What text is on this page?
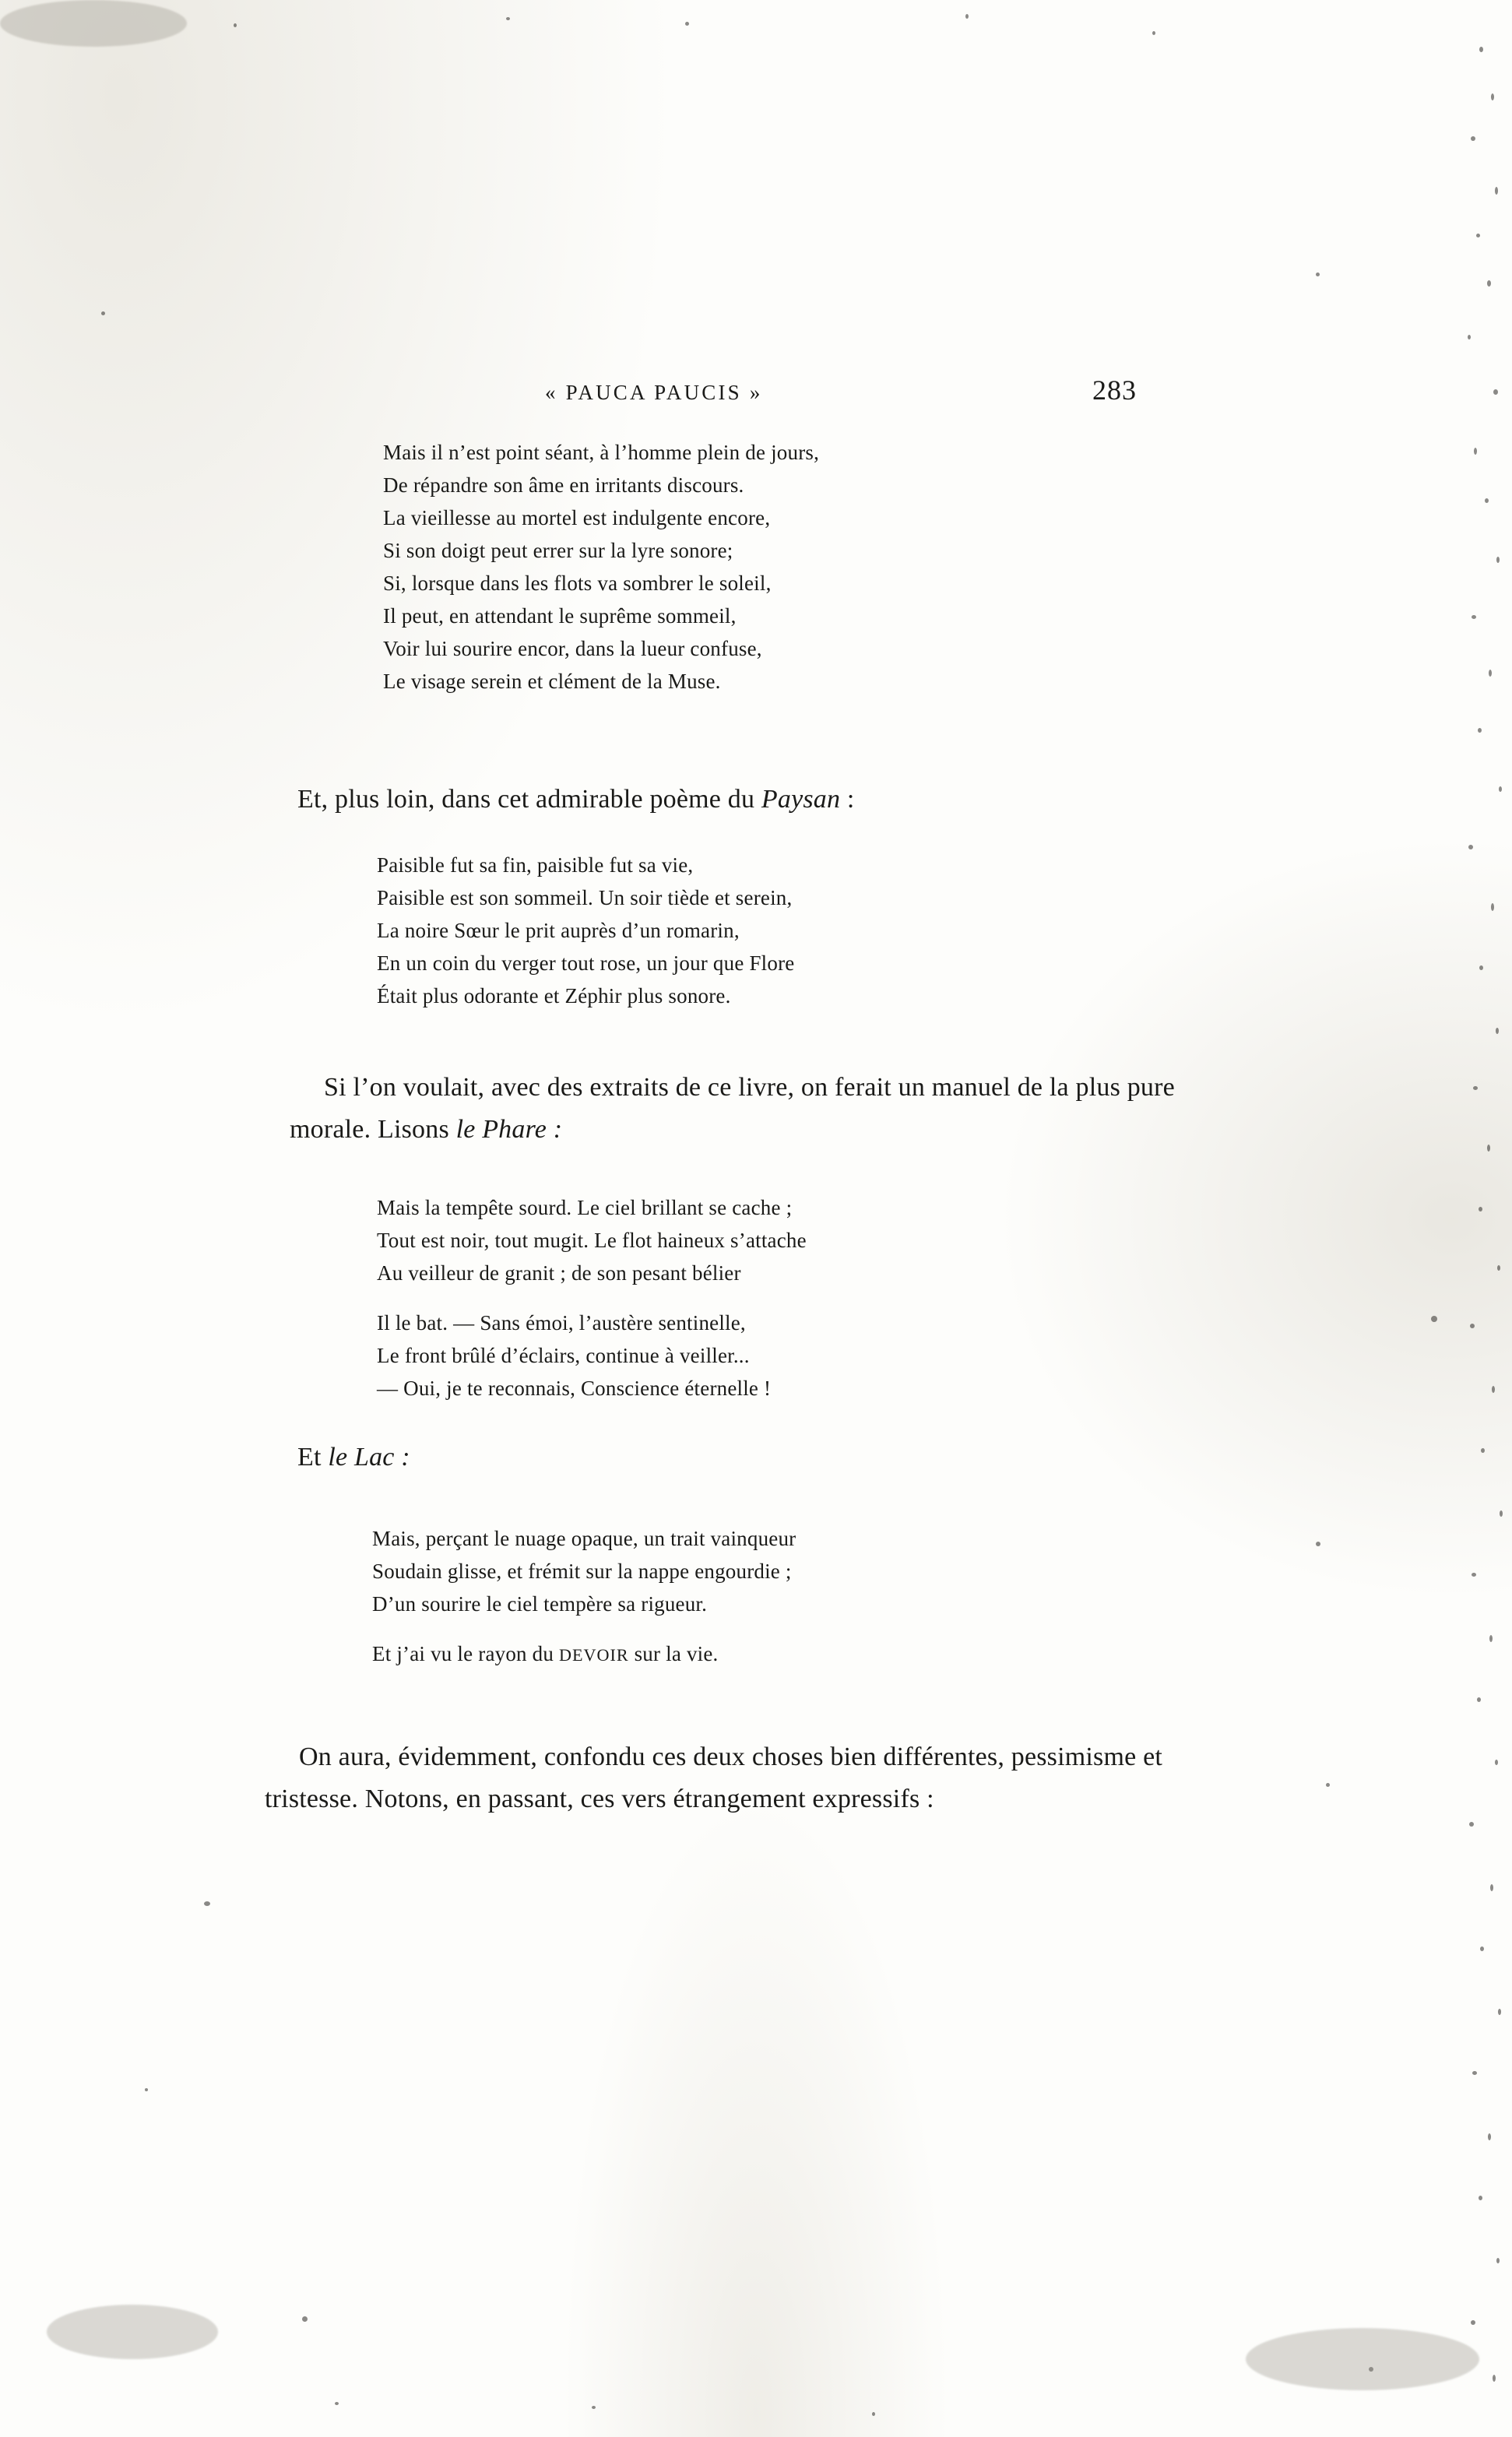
« PAUCA PAUCIS »	283
Mais il n’est point séant, à l’homme plein de jours,
De répandre son âme en irritants discours.
La vieillesse au mortel est indulgente encore,
Si son doigt peut errer sur la lyre sonore;
Si, lorsque dans les flots va sombrer le soleil,
Il peut, en attendant le suprême sommeil,
Voir lui sourire encor, dans la lueur confuse,
Le visage serein et clément de la Muse.
Et, plus loin, dans cet admirable poème du Paysan :
Paisible fut sa fin, paisible fut sa vie,
Paisible est son sommeil. Un soir tiède et serein,
La noire Sœur le prit auprès d’un romarin,
En un coin du verger tout rose, un jour que Flore
Était plus odorante et Zéphir plus sonore.
Si l’on voulait, avec des extraits de ce livre, on ferait un manuel de la plus pure morale. Lisons le Phare :
Mais la tempête sourd. Le ciel brillant se cache ;
Tout est noir, tout mugit. Le flot haineux s’attache
Au veilleur de granit ; de son pesant bélier
Il le bat. — Sans émoi, l’austère sentinelle,
Le front brûlé d’éclairs, continue à veiller...
— Oui, je te reconnais, Conscience éternelle !
Et le Lac :
Mais, perçant le nuage opaque, un trait vainqueur
Soudain glisse, et frémit sur la nappe engourdie ;
D’un sourire le ciel tempère sa rigueur.
Et j’ai vu le rayon du DEVOIR sur la vie.
On aura, évidemment, confondu ces deux choses bien différentes, pessimisme et tristesse. Notons, en passant, ces vers étrangement expressifs :
